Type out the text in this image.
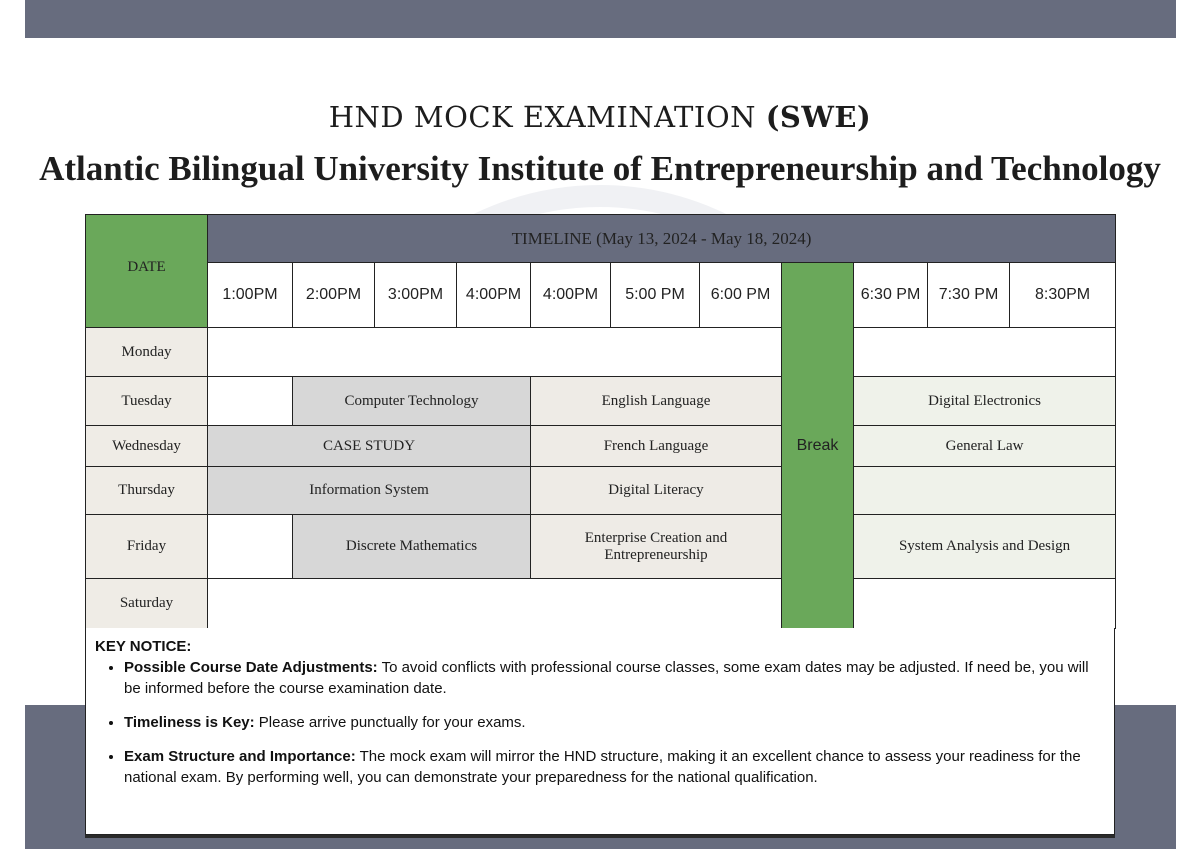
HND MOCK EXAMINATION (SWE)
Atlantic Bilingual University Institute of Entrepreneurship and Technology
DATE	TIMELINE (May 13, 2024 - May 18, 2024)										
	1:00PM	2:00PM	3:00PM	4:00PM	4:00PM	5:00 PM	6:00 PM	Break	6:30 PM	7:30 PM	8:30PM
Monday											
Tuesday		Computer Technology			English Language				Digital Electronics		
Wednesday	CASE STUDY				French Language				General Law		
Thursday	Information System				Digital Literacy						
Friday		Discrete Mathematics			Enterprise Creation and Entrepreneurship				System Analysis and Design		
Saturday											
KEY NOTICE:
• Possible Course Date Adjustments: To avoid conflicts with professional course classes, some exam dates may be adjusted. If need be, you will be informed before the course examination date.
• Timeliness is Key: Please arrive punctually for your exams.
• Exam Structure and Importance: The mock exam will mirror the HND structure, making it an excellent chance to assess your readiness for the national exam. By performing well, you can demonstrate your preparedness for the national qualification.
